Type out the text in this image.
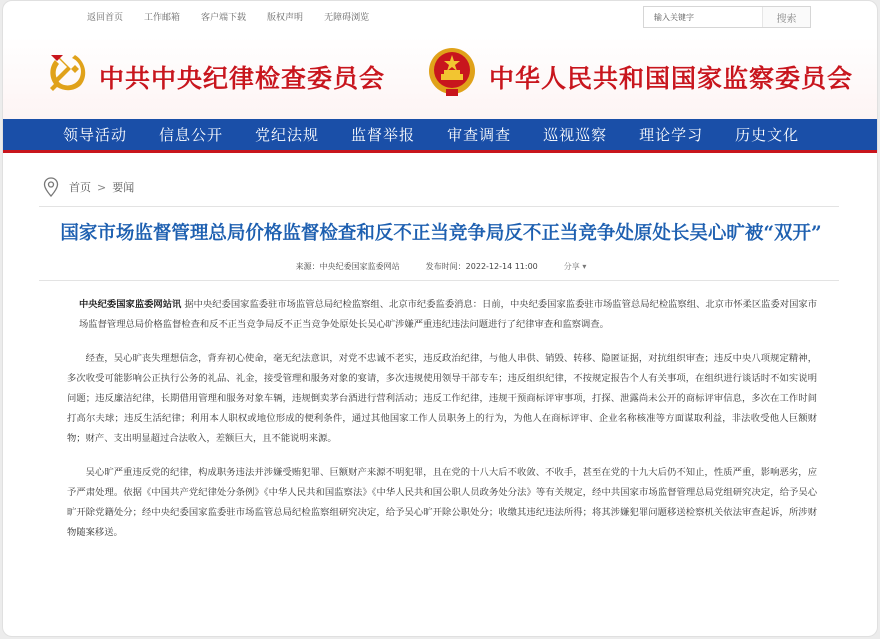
返回首页 工作邮箱 客户端下载 版权声明 无障碍浏览
输入关键字	搜索
中共中央纪律检查委员会	中华人民共和国国家监察委员会
领导活动 信息公开 党纪法规 监督举报 审查调查 巡视巡察 理论学习 历史文化
首页 > 要闻
国家市场监督管理总局价格监督检查和反不正当竞争局反不正当竞争处原处长吴心旷被“双开”
来源：中央纪委国家监委网站	发布时间：2022-12-14 11:00	分享 ▾

中央纪委国家监委网站讯 据中央纪委国家监委驻市场监管总局纪检监察组、北京市纪委监委消息：日前，中央纪委国家监委驻市场监管总局纪检监察组、北京市怀柔区监委对国家市场监督管理总局价格监督检查和反不正当竞争局反不正当竞争处原处长吴心旷涉嫌严重违纪违法问题进行了纪律审查和监察调查。

经查，吴心旷丧失理想信念，背弃初心使命，毫无纪法意识，对党不忠诚不老实，违反政治纪律，与他人串供、销毁、转移、隐匿证据，对抗组织审查；违反中央八项规定精神，多次收受可能影响公正执行公务的礼品、礼金，接受管理和服务对象的宴请，多次违规使用领导干部专车；违反组织纪律，不按规定报告个人有关事项，在组织进行谈话时不如实说明问题；违反廉洁纪律，长期借用管理和服务对象车辆，违规倒卖茅台酒进行营利活动；违反工作纪律，违规干预商标评审事项，打探、泄露尚未公开的商标评审信息，多次在工作时间打高尔夫球；违反生活纪律；利用本人职权或地位形成的便利条件，通过其他国家工作人员职务上的行为，为他人在商标评审、企业名称核准等方面谋取利益，非法收受他人巨额财物；财产、支出明显超过合法收入，差额巨大，且不能说明来源。

吴心旷严重违反党的纪律，构成职务违法并涉嫌受贿犯罪、巨额财产来源不明犯罪，且在党的十八大后不收敛、不收手，甚至在党的十九大后仍不知止，性质严重，影响恶劣，应予严肃处理。依据《中国共产党纪律处分条例》《中华人民共和国监察法》《中华人民共和国公职人员政务处分法》等有关规定，经中共国家市场监督管理总局党组研究决定，给予吴心旷开除党籍处分；经中央纪委国家监委驻市场监管总局纪检监察组研究决定，给予吴心旷开除公职处分；收缴其违纪违法所得；将其涉嫌犯罪问题移送检察机关依法审查起诉，所涉财物随案移送。
